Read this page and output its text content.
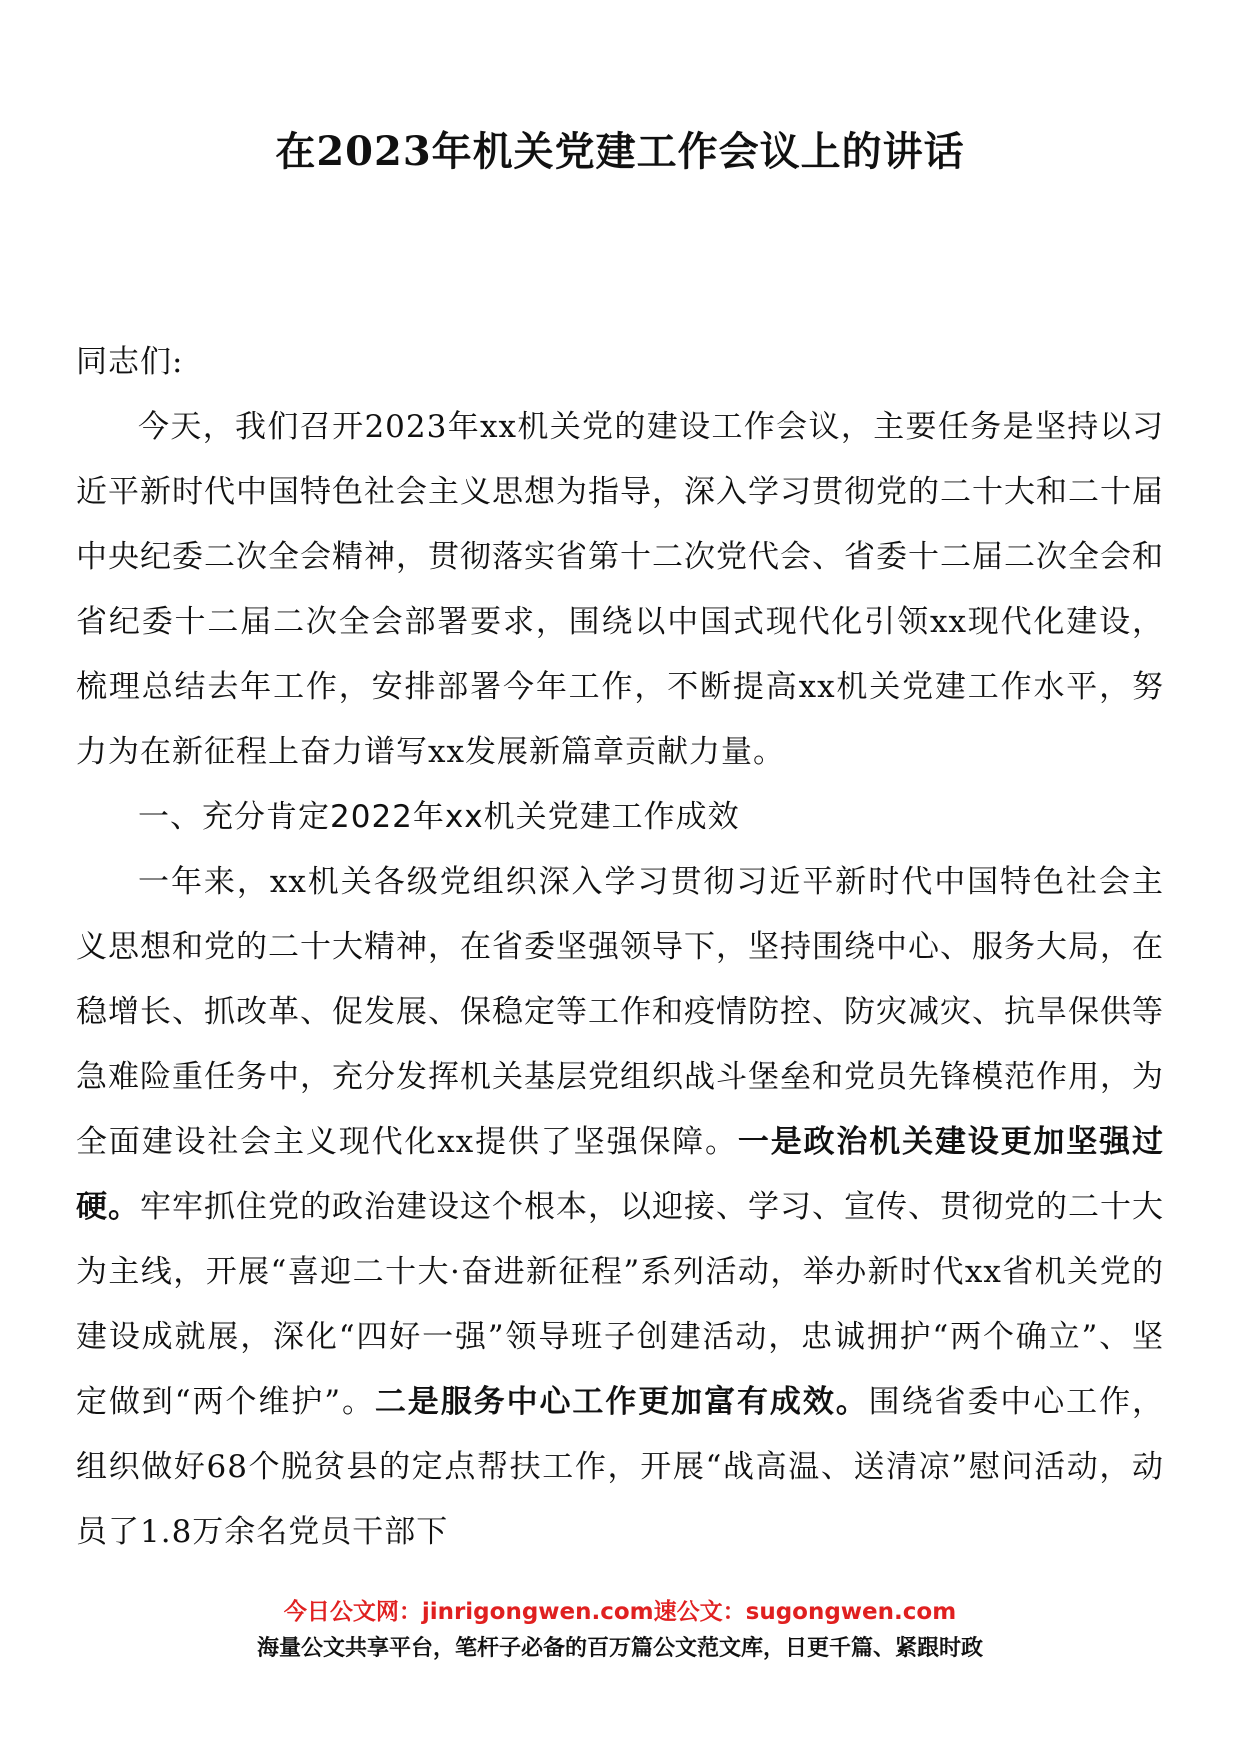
在2023年机关党建工作会议上的讲话

同志们:

今天，我们召开2023年xx机关党的建设工作会议，主要任务是坚持以习近平新时代中国特色社会主义思想为指导，深入学习贯彻党的二十大和二十届中央纪委二次全会精神，贯彻落实省第十二次党代会、省委十二届二次全会和省纪委十二届二次全会部署要求，围绕以中国式现代化引领xx现代化建设，梳理总结去年工作，安排部署今年工作，不断提高xx机关党建工作水平，努力为在新征程上奋力谱写xx发展新篇章贡献力量。

一、充分肯定2022年xx机关党建工作成效

一年来，xx机关各级党组织深入学习贯彻习近平新时代中国特色社会主义思想和党的二十大精神，在省委坚强领导下，坚持围绕中心、服务大局，在稳增长、抓改革、促发展、保稳定等工作和疫情防控、防灾减灾、抗旱保供等急难险重任务中，充分发挥机关基层党组织战斗堡垒和党员先锋模范作用，为全面建设社会主义现代化xx提供了坚强保障。一是政治机关建设更加坚强过硬。牢牢抓住党的政治建设这个根本，以迎接、学习、宣传、贯彻党的二十大为主线，开展“喜迎二十大·奋进新征程”系列活动，举办新时代xx省机关党的建设成就展，深化“四好一强”领导班子创建活动，忠诚拥护“两个确立”、坚定做到“两个维护”。二是服务中心工作更加富有成效。围绕省委中心工作，组织做好68个脱贫县的定点帮扶工作，开展“战高温、送清凉”慰问活动，动员了1.8万余名党员干部下

今日公文网：jinrigongwen.com速公文：sugongwen.com
海量公文共享平台，笔杆子必备的百万篇公文范文库，日更千篇、紧跟时政
